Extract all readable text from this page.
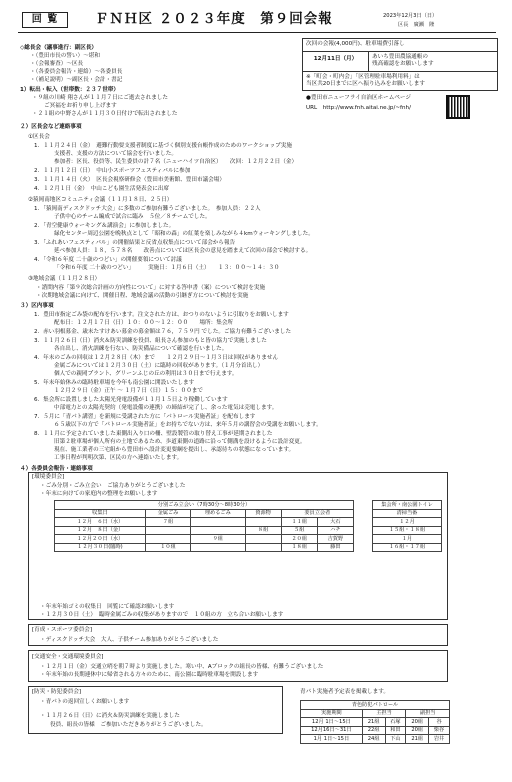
回 覧	ＦＮＨ区 ２０２３年度　第９回会報	2023年12月3日（日）
区長　廣瀬　隆
次回の会報(4,000円)、駐車場費引落し
12月11日（月）	あいち豊田農協通帳の
残高確認をお願いします
※「町会・町内会」「区管理駐車場利用料」は
当区共20日までに区へ振り込みをお願いします
●豊田市ニューフライ自治区ホームページ
URL　http://www.fnh.aitai.ne.jp/~fnh/
◇総長会（議事進行：副区長）
・（豊田市長の誓い）〜堪和
・（会報審査）〜区長
・（各委員会報告・連絡）〜各委員長
・（補足説明）〜副区長・会計・書記
1）転出・転入（世帯数：２３７世帯）
・９組の川崎 翔さんが１１月７日にご逝去されました
ご冥福をお祈り申し上げます
・２１組の中野さんが１１月３０日付けで転出されました
２）区長会など連絡事項
①区長会
1．１１月２４日（金）　避難行動要支援者制度に基づく個別支援台帳作成のためのワークショップ実施
支援者、支援の方法について協会を行いました。
参加者：区長、役員等、民生委員の計７名（ニューハイツ自治区）　　次回：１２月２２日（金）
2．１１月１２日（日）　中山小スポーツフェスティバルに参加
3．１１月１４日（火）　区長会視察研修会（豊田市美術館、豊田市議会場）
4．１２月１日（金）　中山こども園生活発表会に出席
②猿岡南地区コミュニティ会議（１１月１８日、２５日）
1．「猿岡南ディスクドッチ大会」に多数のご参加有難うございました。　参加人員：２２人
子供中心のチーム編成で試合に臨み　５位／８チームでした。
2．「青空健康ウォーキング＆講演会」に参加しました。
緑化センター周辺公園を晩秋点として「昭和の森」の紅葉を楽しみながら４kmウォーキングしました。
3．「ふれあいフェスティバル」の開催結果と反省点収集点について部会から報告
延べ参加人員：１８，５７８名　　改善点については区長会の意見を踏まえて次回の部会で検討する。
4．「令和６年度 二十歳のつどい」の開催要領について討議
「令和６年度 二十歳のつどい」　　　実施日：１月６日（土）　　１３：００〜１４：３０
③地域会議（１１月２８日）
・諮問内容「第９次総合計画の方向性について」に対する答申書（案）について検討を実施
・次期地域会議に向けて、開催日程、地域会議の活動の引継ぎ方について検討を実施
３）区内事項
1．豊田市指定ごみ袋の配布を行います。注文された方は、おつりのないように引取りをお願いします
配布日：１２月１７日（日）１０：００〜１２：００　　場所：集会所
2．赤い羽根募金、歳末たすけあい募金の募金額は７６，７５９円 でした。ご協力有難うございました
3．１１月２６日（日）消火＆防災訓練を役員、組長さん参加のもと皆の協力で実施しました
各自出し、消火訓練を行ない、防災備品について確認を行いました。
4．年末のごみの回収は１２月２８日（木）まで　　１２月２９日〜１月３日は回収がありません
金属ごみについては１２月３０日（土）に臨時の回収があります。（１月分首出し）
個人での親岡プラント、グリーンふじの丘の利用は３０日まで行えます。
5．年末年始休みの臨時駐車場を今年も南公園に開設いたします
１２月２９日（金）正午 〜 １月７日（日）１５：００まで
6．集会所に設置しました太陽光発電設備が１１月１５日より稼働しています
中部電力との太陽光契約（発電設備の連携）の締結が完了し、余った電気は売電します。
7．５月に「青パト講習」を新規に受講された方に「パトロール実施者証」を配布します
６５歳以下の方で「パトロール実施者証」をお持ちでない方は、来年５月の講習会の受講をお願いします。
8．１１月に予定されていました東側出入り口の柵、壁設製管の取り替え工事が延期されました
旧第２駐車場が個人所有の土地であるため、歩道東側の道路に沿って側溝を設けるように設計変更。
現在、施工業者の三宅組から豊田市へ設計変更要綱を提出し、承認待ちの状態になっています。
工事日程が判明次第、区民の方へ連絡いたします。
４）各委員会報告・連絡事項
・ごみ分別・ごみ立会い　ご協力ありがとうございました
・年末に向けての家庭内の整理をお願いします
・年末年始ゴミの収集日　回覧にて確認お願いします
・１２月３０日（土）　臨時金属ごみの収集がありますので　１０組の方　立ち合いお願いします
・ディスクドッチ大会　大人、子供チーム参加ありがとうございました
・１２月１日（金）交通立哨を朝７時より実施しました。寒い中、Aブロックの組長の皆様、有難うございました
・年末年始の長期連休中に帰省される方々のために、南公園に臨時駐車場を開設します
・青パトの返回宣しくお願いします
・１１月２６日（日）に消火＆防災訓練を実施しました
役員、組長の皆様　ご参加いただきありがとうございました。
[環境委員会]
分別ごみ立会い（7時30分〜8時30分）					
収集日	金属ごみ	埋めるごみ	資源物	委員立会者	
１２月　６日（水）	７組			１１組	大石
１２月　８日（金）			８組	５組	ハチ
１２月２０日（水）		９組		２０組	吉賀野
１２月３０日(臨時)	１０組			１８組	藤田
集会所・南公園トイレ
清掃当番
１２月
１５組・１８組
１月
１６組・１７組
[育成・スポーツ委員会]
[交通安全・交通環境委員会]
[防災・防犯委員会]	青パト実施者予定表を掲載します。
青色防犯パトロール				
実施期間	主担当		副担当	
12月 1日〜15日	21組	石塚	20組	谷
12月16日〜31日	22組	和田	20組	柴谷
1月 1日〜15日	24組	下山	21組	岩井
